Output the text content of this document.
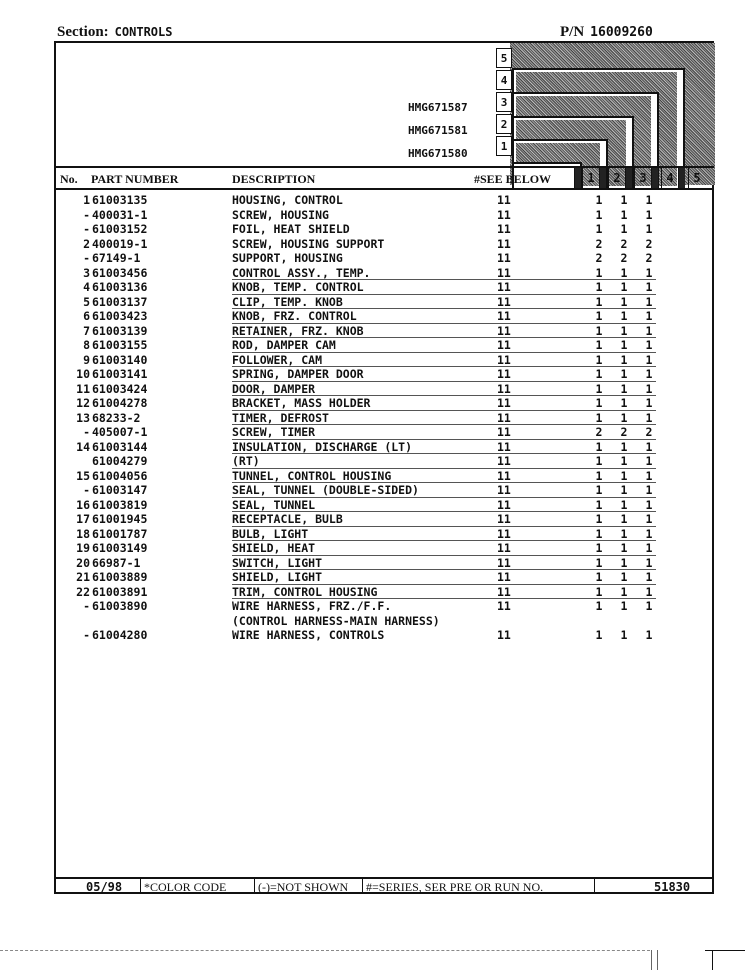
Section: CONTROLS	P/N 16009260
5
4
3
2
1
HMG671587
HMG671581
HMG671580
No. PART NUMBER	DESCRIPTION	#SEE BELOW	1	2	3	4	5
1 61003135	HOUSING, CONTROL	11	1	1	1
- 400031-1	SCREW, HOUSING	11	1	1	1
- 61003152	FOIL, HEAT SHIELD	11	1	1	1
2 400019-1	SCREW, HOUSING SUPPORT	11	2	2	2
- 67149-1	SUPPORT, HOUSING	11	2	2	2
3 61003456	CONTROL ASSY., TEMP.	11	1	1	1
4 61003136	KNOB, TEMP. CONTROL	11	1	1	1
5 61003137	CLIP, TEMP. KNOB	11	1	1	1
6 61003423	KNOB, FRZ. CONTROL	11	1	1	1
7 61003139	RETAINER, FRZ. KNOB	11	1	1	1
8 61003155	ROD, DAMPER CAM	11	1	1	1
9 61003140	FOLLOWER, CAM	11	1	1	1
10 61003141	SPRING, DAMPER DOOR	11	1	1	1
11 61003424	DOOR, DAMPER	11	1	1	1
12 61004278	BRACKET, MASS HOLDER	11	1	1	1
13 68233-2	TIMER, DEFROST	11	1	1	1
- 405007-1	SCREW, TIMER	11	2	2	2
14 61003144	INSULATION, DISCHARGE (LT)	11	1	1	1
61004279	(RT)	11	1	1	1
15 61004056	TUNNEL, CONTROL HOUSING	11	1	1	1
- 61003147	SEAL, TUNNEL (DOUBLE-SIDED)	11	1	1	1
16 61003819	SEAL, TUNNEL	11	1	1	1
17 61001945	RECEPTACLE, BULB	11	1	1	1
18 61001787	BULB, LIGHT	11	1	1	1
19 61003149	SHIELD, HEAT	11	1	1	1
20 66987-1	SWITCH, LIGHT	11	1	1	1
21 61003889	SHIELD, LIGHT	11	1	1	1
22 61003891	TRIM, CONTROL HOUSING	11	1	1	1
- 61003890	WIRE HARNESS, FRZ./F.F.	11	1	1	1
(CONTROL HARNESS-MAIN HARNESS)
- 61004280	WIRE HARNESS, CONTROLS	11	1	1	1
05/98 *COLOR CODE	(-)=NOT SHOWN #=SERIES, SER PRE OR RUN NO.	51830
